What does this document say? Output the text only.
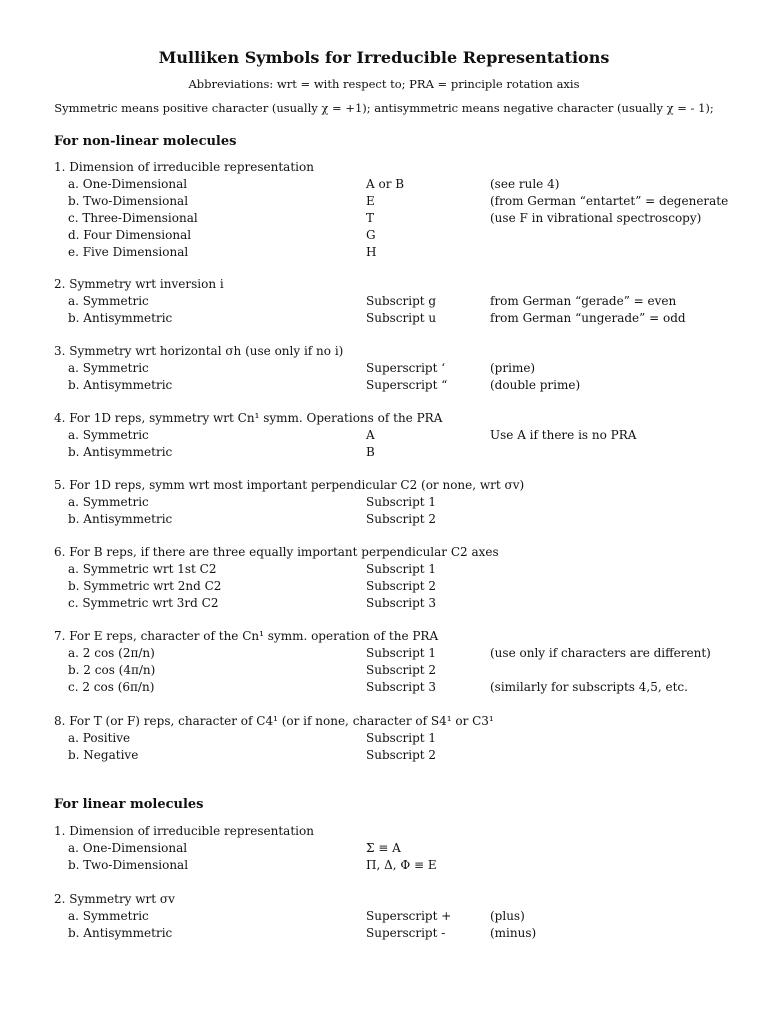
Mulliken Symbols for Irreducible Representations
Abbreviations: wrt = with respect to; PRA = principle rotation axis
Symmetric means positive character (usually χ = +1); antisymmetric means negative character (usually χ = - 1);
For non-linear molecules
1. Dimension of irreducible representation
a. One-Dimensional	A or B	(see rule 4)
b. Two-Dimensional	E	(from German “entartet” = degenerate
c. Three-Dimensional	T	(use F in vibrational spectroscopy)
d. Four Dimensional	G
e. Five Dimensional	H
2. Symmetry wrt inversion i
a. Symmetric	Subscript g	from German “gerade” = even
b. Antisymmetric	Subscript u	from German “ungerade” = odd
3. Symmetry wrt horizontal σh (use only if no i)
a. Symmetric	Superscript ‘	(prime)
b. Antisymmetric	Superscript “	(double prime)
4. For 1D reps, symmetry wrt Cn¹ symm. Operations of the PRA
a. Symmetric	A	Use A if there is no PRA
b. Antisymmetric	B
5. For 1D reps, symm wrt most important perpendicular C2 (or none, wrt σv)
a. Symmetric	Subscript 1
b. Antisymmetric	Subscript 2
6. For B reps, if there are three equally important perpendicular C2 axes
a. Symmetric wrt 1st C2	Subscript 1
b. Symmetric wrt 2nd C2	Subscript 2
c. Symmetric wrt 3rd C2	Subscript 3
7. For E reps, character of the Cn¹ symm. operation of the PRA
a. 2 cos (2π/n)	Subscript 1	(use only if characters are different)
b. 2 cos (4π/n)	Subscript 2
c. 2 cos (6π/n)	Subscript 3	(similarly for subscripts 4,5, etc.
8. For T (or F) reps, character of C4¹ (or if none, character of S4¹ or C3¹
a. Positive	Subscript 1
b. Negative	Subscript 2
For linear molecules
1. Dimension of irreducible representation
a. One-Dimensional	Σ ≡ A
b. Two-Dimensional	Π, Δ, Φ ≡ E
2. Symmetry wrt σv
a. Symmetric	Superscript +	(plus)
b. Antisymmetric	Superscript -	(minus)
